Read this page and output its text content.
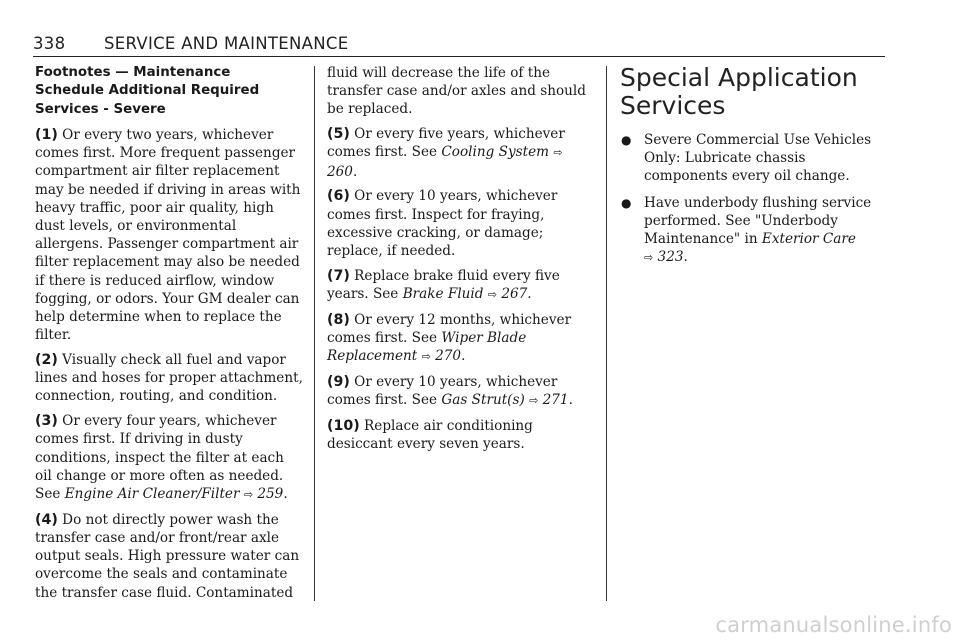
338 SERVICE AND MAINTENANCE
Footnotes — Maintenance Schedule Additional Required Services - Severe

(1) Or every two years, whichever comes first. More frequent passenger compartment air filter replacement may be needed if driving in areas with heavy traffic, poor air quality, high dust levels, or environmental allergens. Passenger compartment air filter replacement may also be needed if there is reduced airflow, window fogging, or odors. Your GM dealer can help determine when to replace the filter.

(2) Visually check all fuel and vapor lines and hoses for proper attachment, connection, routing, and condition.

(3) Or every four years, whichever comes first. If driving in dusty conditions, inspect the filter at each oil change or more often as needed. See Engine Air Cleaner/Filter ⇨ 259.

(4) Do not directly power wash the transfer case and/or front/rear axle output seals. High pressure water can overcome the seals and contaminate the transfer case fluid. Contaminated

fluid will decrease the life of the transfer case and/or axles and should be replaced.

(5) Or every five years, whichever comes first. See Cooling System ⇨ 260.

(6) Or every 10 years, whichever comes first. Inspect for fraying, excessive cracking, or damage; replace, if needed.

(7) Replace brake fluid every five years. See Brake Fluid ⇨ 267.

(8) Or every 12 months, whichever comes first. See Wiper Blade Replacement ⇨ 270.

(9) Or every 10 years, whichever comes first. See Gas Strut(s) ⇨ 271.

(10) Replace air conditioning desiccant every seven years.

Special Application Services
● Severe Commercial Use Vehicles Only: Lubricate chassis components every oil change.
● Have underbody flushing service performed. See "Underbody Maintenance" in Exterior Care
⇨ 323.
carmanualsonline.info
